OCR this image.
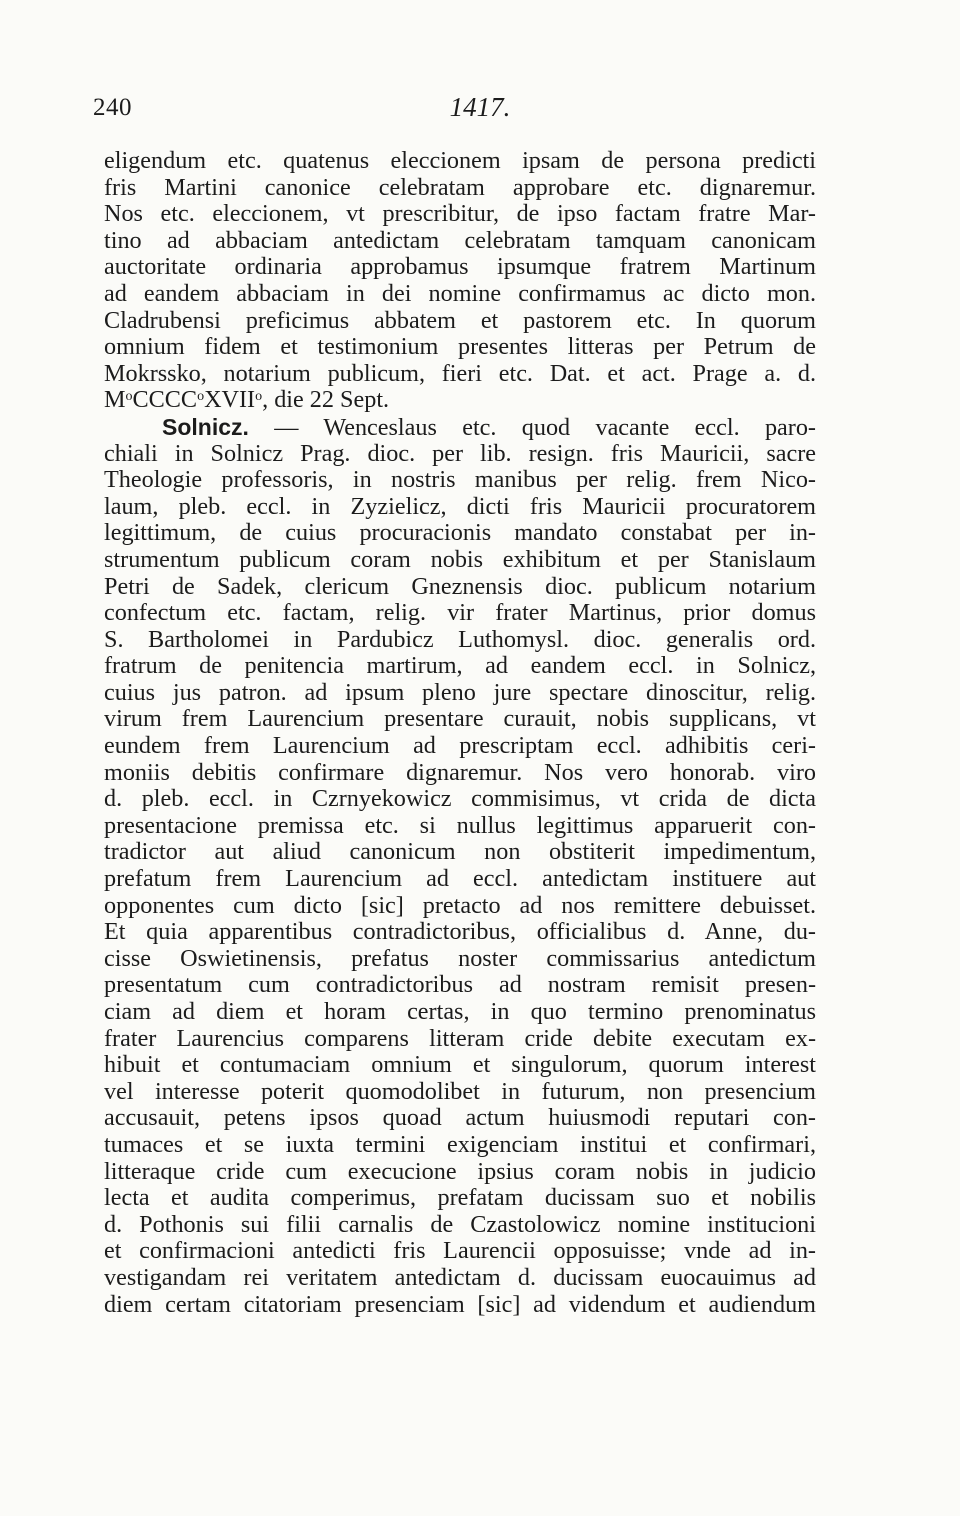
240	1417.
eligendum etc. quatenus eleccionem ipsam de persona predicti
fris Martini canonice celebratam approbare etc. dignaremur.
Nos etc. eleccionem, vt prescribitur, de ipso factam fratre Mar-
tino ad abbaciam antedictam celebratam tamquam canonicam
auctoritate ordinaria approbamus ipsumque fratrem Martinum
ad eandem abbaciam in dei nomine confirmamus ac dicto mon.
Cladrubensi preficimus abbatem et pastorem etc. In quorum
omnium fidem et testimonium presentes litteras per Petrum de
Mokrssko, notarium publicum, fieri etc. Dat. et act. Prage a. d.
$M^oCCCC^oXVII^o$, die 22 Sept.
Solnicz. — Wenceslaus etc. quod vacante eccl. paro-
chiali in Solnicz Prag. dioc. per lib. resign. fris Mauricii, sacre
Theologie professoris, in nostris manibus per relig. frem Nico-
laum, pleb. eccl. in Zyzielicz, dicti fris Mauricii procuratorem
legittimum, de cuius procuracionis mandato constabat per in-
strumentum publicum coram nobis exhibitum et per Stanislaum
Petri de Sadek, clericum Gneznensis dioc. publicum notarium
confectum etc. factam, relig. vir frater Martinus, prior domus
S. Bartholomei in Pardubicz Luthomysl. dioc. generalis ord.
fratrum de penitencia martirum, ad eandem eccl. in Solnicz,
cuius jus patron. ad ipsum pleno jure spectare dinoscitur, relig.
virum frem Laurencium presentare curauit, nobis supplicans, vt
eundem frem Laurencium ad prescriptam eccl. adhibitis ceri-
moniis debitis confirmare dignaremur. Nos vero honorab. viro
d. pleb. eccl. in Czrnyekowicz commisimus, vt crida de dicta
presentacione premissa etc. si nullus legittimus apparuerit con-
tradictor aut aliud canonicum non obstiterit impedimentum,
prefatum frem Laurencium ad eccl. antedictam instituere aut
opponentes cum dicto [sic] pretacto ad nos remittere debuisset.
Et quia apparentibus contradictoribus, officialibus d. Anne, du-
cisse Oswietinensis, prefatus noster commissarius antedictum
presentatum cum contradictoribus ad nostram remisit presen-
ciam ad diem et horam certas, in quo termino prenominatus
frater Laurencius comparens litteram cride debite executam ex-
hibuit et contumaciam omnium et singulorum, quorum interest
vel interesse poterit quomodolibet in futurum, non presencium
accusauit, petens ipsos quoad actum huiusmodi reputari con-
tumaces et se iuxta termini exigenciam institui et confirmari,
litteraque cride cum execucione ipsius coram nobis in judicio
lecta et audita comperimus, prefatam ducissam suo et nobilis
d. Pothonis sui filii carnalis de Czastolowicz nomine institucioni
et confirmacioni antedicti fris Laurencii opposuisse; vnde ad in-
vestigandam rei veritatem antedictam d. ducissam euocauimus ad
diem certam citatoriam presenciam [sic] ad videndum et audiendum
